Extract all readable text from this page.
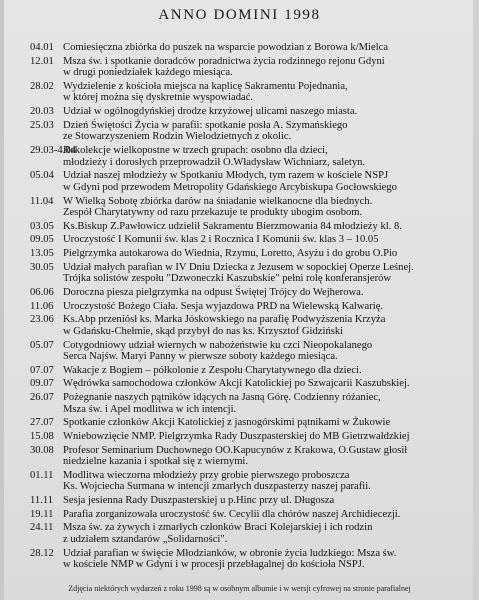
ANNO DOMINI 1998
04.01 Comiesięczna zbiórka do puszek na wsparcie powodzian z Borowa k/Mielca
12.01 Msza św. i spotkanie doradców poradnictwa życia rodzinnego rejonu Gdyni
w drugi poniedziałek każdego miesiąca.
28.02 Wydzielenie z kościoła miejsca na kaplicę Sakramentu Pojednania,
w której można się dyskretnie wyspowiadać.
20.03 Udział w ogólnogdyńskiej drodze krzyżowej ulicami naszego miasta.
25.03 Dzień Świętości Życia w parafii: spotkanie posła A. Szymańskiego
ze Stowarzyszeniem Rodzin Wielodzietnych z okolic.
29.03-4.04
Rekolekcje wielkopostne w trzech grupach: osobno dla dzieci,
młodzieży i dorosłych przeprowadził O.Władysław Wichniarz, saletyn.
05.04 Udział naszej młodzieży w Spotkaniu Młodych, tym razem w kościele NSPJ
w Gdyni pod przewodem Metropolity Gdańskiego Arcybiskupa Gocłowskiego
11.04 W Wielką Sobotę zbiórka darów na śniadanie wielkanocne dla biednych.
Zespół Charytatywny od razu przekazuje te produkty ubogim osobom.
03.05 Ks.Biskup Z.Pawłowicz udzielił Sakramentu Bierzmowania 84 młodzieży kl. 8.
09.05 Uroczystość I Komunii św. klas 2 i Rocznica I Komunii św. klas 3 – 10.05
13.05 Pielgrzymka autokarowa do Wiednia, Rzymu, Loretto, Asyżu i do grobu O.Pio
30.05 Udział małych parafian w IV Dniu Dziecka z Jezusem w sopockiej Operze Leśnej.
Trójka solistów zespołu "Dzwoneczki Kaszubskie" pełni rolę konferansjerów
06.06 Doroczna piesza pielgrzymka na odpust Świętej Trójcy do Wejherowa.
11.06 Uroczystość Bożego Ciała. Sesja wyjazdowa PRD na Wielewską Kalwarię.
23.06 Ks.Abp przeniósł ks. Marka Jóskowskiego na parafię Podwyższenia Krzyża
w Gdańsku-Chełmie, skąd przybył do nas ks. Krzysztof Gidziński
05.07 Cotygodniowy udział wiernych w nabożeństwie ku czci Nieopokalanego
Serca Najśw. Maryi Panny w pierwsze soboty każdego miesiąca.
07.07 Wakacje z Bogiem – półkolonie z Zespołu Charytatywnego dla dzieci.
09.07 Wędrówka samochodowa członków Akcji Katolickiej po Szwajcarii Kaszubskiej.
26.07 Pożegnanie naszych pątników idących na Jasną Górę. Codzienny różaniec,
Msza św. i Apel modlitwa w ich intencji.
27.07 Spotkanie członków Akcji Katolickiej z jasnogórskimi pątnikami w Żukowie
15.08 Wniebowzięcie NMP. Pielgrzymka Rady Duszpasterskiej do MB Gietrzwałdzkiej
30.08 Profesor Seminarium Duchownego OO.Kapucynów z Krakowa, O.Gustaw głosił
niedzielne kazania i spotkał się z wiernymi.
01.11 Modlitwa wieczorna młodzieży przy grobie pierwszego proboszcza
Ks. Wojciecha Surmana w intencji zmarłych duszpasterzy naszej parafii.
11.11 Sesja jesienna Rady Duszpasterskiej u p.Hinc przy ul. Długosza
19.11 Parafia zorganizowała uroczystość św. Cecylii dla chórów naszej Archidiecezji.
24.11 Msza św. za żywych i zmarłych członków Braci Kolejarskiej i ich rodzin
z udziałem sztandarów „Solidarności".
28.12 Udział parafian w święcie Młodzianków, w obronie życia ludzkiego: Msza św.
w kościele NMP w Gdyni i w procesji przebłagalnej do kościoła NSPJ.
Zdjęcia niektórych wydarzeń z roku 1998 są w osobnym albumie i w wersji cyfrowej na stronie parafialnej
